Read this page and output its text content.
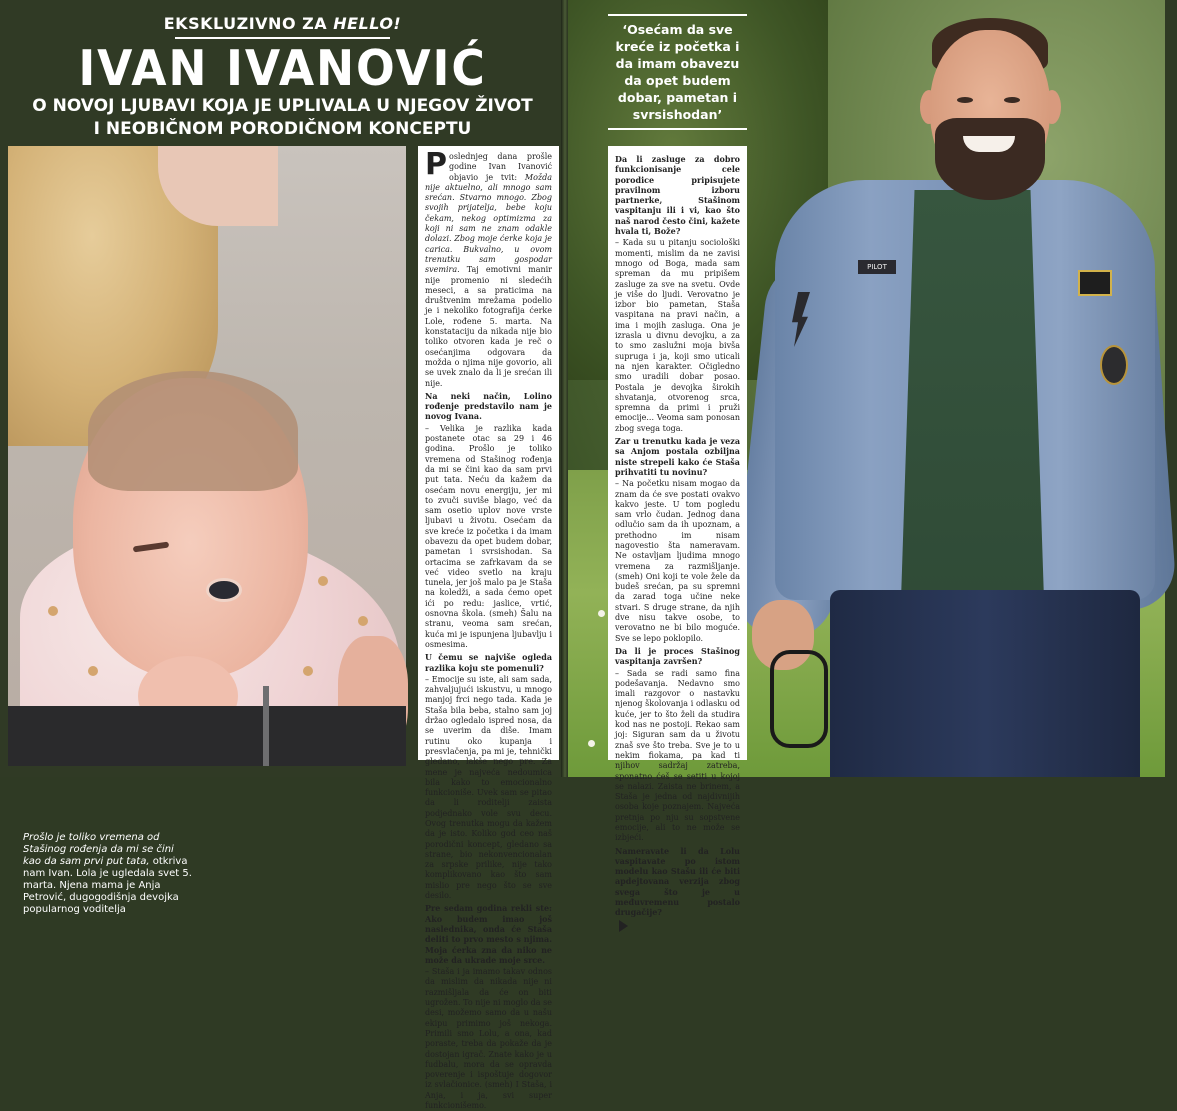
EKSKLUZIVNO ZA HELLO!
IVAN IVANOVIĆ
O NOVOJ LJUBAVI KOJA JE UPLIVALA U NJEGOV ŽIVOT
I NEOBIČNOM PORODIČNOM KONCEPTU
Prošlo je toliko vremena od Stašinog rođenja da mi se čini kao da sam prvi put tata, otkriva nam Ivan. Lola je ugledala svet 5. marta. Njena mama je Anja Petrović, dugogodišnja devojka popularnog voditelja
P oslednjeg dana prošle godine Ivan Ivanović objavio je tvit: Možda nije aktuelno, ali mnogo sam srećan. Stvarno mnogo. Zbog svojih prijatelja, bebe koju čekam, nekog optimizma za koji ni sam ne znam odakle dolazi. Zbog moje ćerke koja je carica. Bukvalno, u ovom trenutku sam gospodar svemira. Taj emotivni manir nije promenio ni sledećih meseci, a sa praticima na društvenim mrežama podelio je i nekoliko fotografija ćerke Lole, rođene 5. marta. Na konstataciju da nikada nije bio toliko otvoren kada je reč o osećanjima odgovara da možda o njima nije govorio, ali se uvek znalo da li je srećan ili nije.
Na neki način, Lolino rođenje predstavilo nam je novog Ivana.
– Velika je razlika kada postanete otac sa 29 i 46 godina. Prošlo je toliko vremena od Stašinog rođenja da mi se čini kao da sam prvi put tata. Neću da kažem da osećam novu energiju, jer mi to zvuči suviše blago, već da sam osetio uplov nove vrste ljubavi u životu. Osećam da sve kreće iz početka i da imam obavezu da opet budem dobar, pametan i svrsishodan. Sa ortacima se zafrkavam da se već video svetlo na kraju tunela, jer još malo pa je Staša na koledži, a sada ćemo opet ići po redu: jaslice, vrtić, osnovna škola. (smeh) Šalu na stranu, veoma sam srećan, kuća mi je ispunjena ljubavlju i osmesima.
U čemu se najviše ogleda razlika koju ste pomenuli?
– Emocije su iste, ali sam sada, zahvaljujući iskustvu, u mnogo manjoj frci nego tada. Kada je Staša bila beba, stalno sam joj držao ogledalo ispred nosa, da se uverim da diše. Imam rutinu oko kupanja i presvlačenja, pa mi je, tehnički gledano, lakše nego pre. Za mene je najveća nedoumica bila kako to emocionalno funkcioniše. Uvek sam se pitao da li roditelji zaista podjednako vole svu decu. Ovog trenutka mogu da kažem da je isto. Koliko god ceo naš porodični koncept, gledano sa strane, bio nekonvencionalan za srpske prilike, nije tako komplikovano kao što sam mislio pre nego što se sve desilo.
Pre sedam godina rekli ste: Ako budem imao još naslednika, onda će Staša deliti to prvo mesto s njima. Moja ćerka zna da niko ne može da ukrade moje srce.
– Staša i ja imamo takav odnos da mislim da nikada nije ni razmišljala da će on biti ugrožen. To nije ni moglo da se desi, možemo samo da u našu ekipu primimo još nekoga. Primili smo Lolu, a ona, kad poraste, treba da pokaže da je dostojan igrač. Znate kako je u fudbalu, mora da se opravda poverenje i ispoštuje dogovor iz svlačionice. (smeh) I Staša, i Anja, i ja, svi super funkcionišemo.
PILOT
‘Osećam da sve kreće iz početka i da imam obavezu da opet budem dobar, pametan i svrsishodan’
Da li zasluge za dobro funkcionisanje cele porodice pripisujete pravilnom izboru partnerke, Stašinom vaspitanju ili i vi, kao što naš narod često čini, kažete hvala ti, Bože?
– Kada su u pitanju sociološki momenti, mislim da ne zavisi mnogo od Boga, mada sam spreman da mu pripišem zasluge za sve na svetu. Ovde je više do ljudi. Verovatno je izbor bio pametan, Staša vaspitana na pravi način, a ima i mojih zasluga. Ona je izrasla u divnu devojku, a za to smo zaslužni moja bivša supruga i ja, koji smo uticali na njen karakter. Očigledno smo uradili dobar posao. Postala je devojka širokih shvatanja, otvorenog srca, spremna da primi i pruži emocije... Veoma sam ponosan zbog svega toga.
Zar u trenutku kada je veza sa Anjom postala ozbiljna niste strepeli kako će Staša prihvatiti tu novinu?
– Na početku nisam mogao da znam da će sve postati ovakvo kakvo jeste. U tom pogledu sam vrlo čudan. Jednog dana odlučio sam da ih upoznam, a prethodno im nisam nagovestio šta nameravam. Ne ostavljam ljudima mnogo vremena za razmišljanje. (smeh) Oni koji te vole žele da budeš srećan, pa su spremni da zarad toga učine neke stvari. S druge strane, da njih dve nisu takve osobe, to verovatno ne bi bilo moguće. Sve se lepo poklopilo.
Da li je proces Stašinog vaspitanja završen?
– Sada se radi samo fina podešavanja. Nedavno smo imali razgovor o nastavku njenog školovanja i odlasku od kuće, jer to što želi da studira kod nas ne postoji. Rekao sam joj: Siguran sam da u životu znaš sve što treba. Sve je to u nekim fiokama, pa kad ti njihov sadržaj zatreba, sponatno ćeš se setiti u kojoj se nalazi. Zaista ne brinem, a Staša je jedna od najdivnijih osoba koje poznajem. Najveća pretnja po nju su sopstvene emocije, ali to ne može se izbjeći.
Nameravate li da Lolu vaspitavate po istom modelu kao Stašu ili će biti apdejtovana verzija zbog svega što je u međuvremenu postalo drugačije?
